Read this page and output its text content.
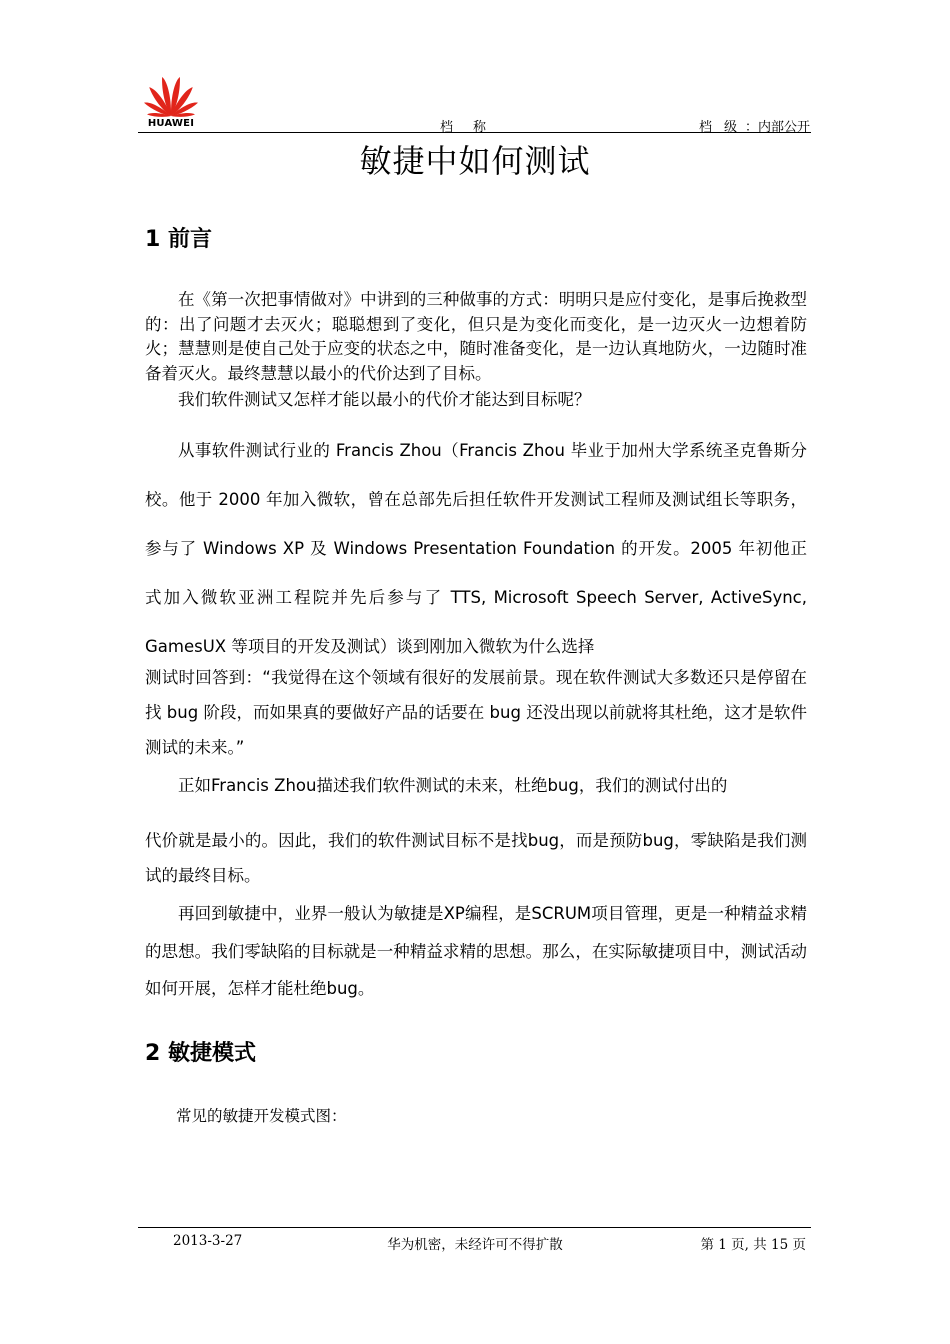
HUAWEI	档称	档级：内部公开
敏捷中如何测试
1 前言

在《第一次把事情做对》中讲到的三种做事的方式：明明只是应付变化，是事后挽救型的：出了问题才去灭火；聪聪想到了变化，但只是为变化而变化，是一边灭火一边想着防火；慧慧则是使自己处于应变的状态之中，随时准备变化，是一边认真地防火，一边随时准备着灭火。最终慧慧以最小的代价达到了目标。

我们软件测试又怎样才能以最小的代价才能达到目标呢？

从事软件测试行业的 Francis Zhou（Francis Zhou 毕业于加州大学系统圣克鲁斯分校。他于 2000 年加入微软，曾在总部先后担任软件开发测试工程师及测试组长等职务，参与了 Windows XP 及 Windows Presentation Foundation 的开发。2005 年初他正式加入微软亚洲工程院并先后参与了 TTS, Microsoft Speech Server, ActiveSync, GamesUX 等项目的开发及测试）谈到刚加入微软为什么选择

测试时回答到：“我觉得在这个领域有很好的发展前景。现在软件测试大多数还只是停留在找 bug 阶段，而如果真的要做好产品的话要在 bug 还没出现以前就将其杜绝，这才是软件测试的未来。”

正如Francis Zhou描述我们软件测试的未来，杜绝bug，我们的测试付出的

代价就是最小的。因此，我们的软件测试目标不是找bug，而是预防bug，零缺陷是我们测试的最终目标。

再回到敏捷中，业界一般认为敏捷是XP编程，是SCRUM项目管理，更是一种精益求精的思想。我们零缺陷的目标就是一种精益求精的思想。那么，在实际敏捷项目中，测试活动如何开展，怎样才能杜绝bug。

2 敏捷模式

常见的敏捷开发模式图：

2013-3-27	华为机密，未经许可不得扩散	第 1 页, 共 15 页
